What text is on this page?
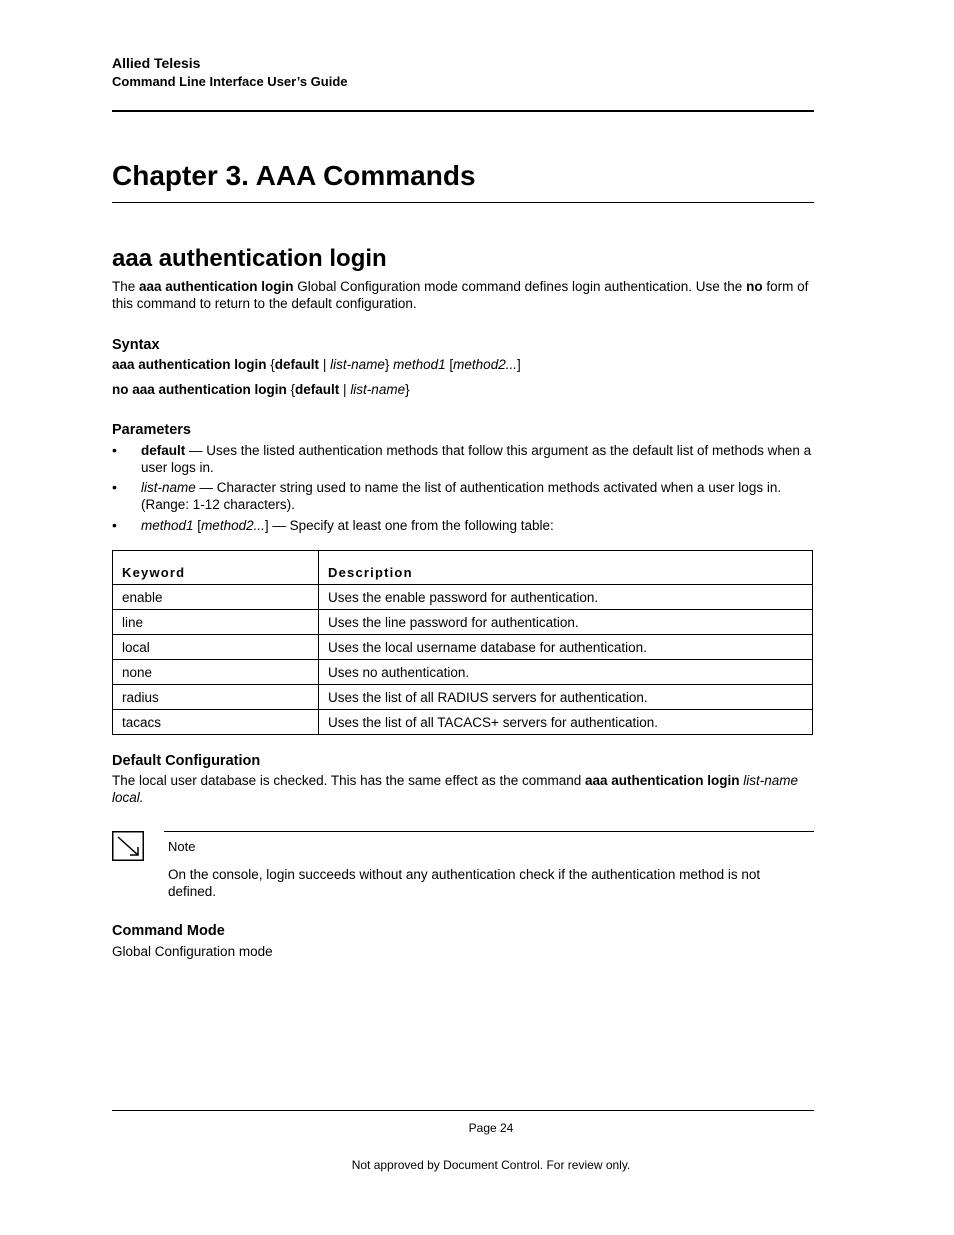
Allied Telesis
Command Line Interface User’s Guide
Chapter 3. AAA Commands
aaa authentication login
The aaa authentication login Global Configuration mode command defines login authentication. Use the no form of this command to return to the default configuration.
Syntax
aaa authentication login {default | list-name} method1 [method2...]
no aaa authentication login {default | list-name}
Parameters
• default — Uses the listed authentication methods that follow this argument as the default list of methods when a user logs in.
• list-name — Character string used to name the list of authentication methods activated when a user logs in. (Range: 1-12 characters).
• method1 [method2...] — Specify at least one from the following table:
Keyword	Description
enable	Uses the enable password for authentication.
line	Uses the line password for authentication.
local	Uses the local username database for authentication.
none	Uses no authentication.
radius	Uses the list of all RADIUS servers for authentication.
tacacs	Uses the list of all TACACS+ servers for authentication.
Default Configuration
The local user database is checked. This has the same effect as the command aaa authentication login list-name local.
Note
On the console, login succeeds without any authentication check if the authentication method is not defined.
Command Mode
Global Configuration mode
Page 24
Not approved by Document Control. For review only.
